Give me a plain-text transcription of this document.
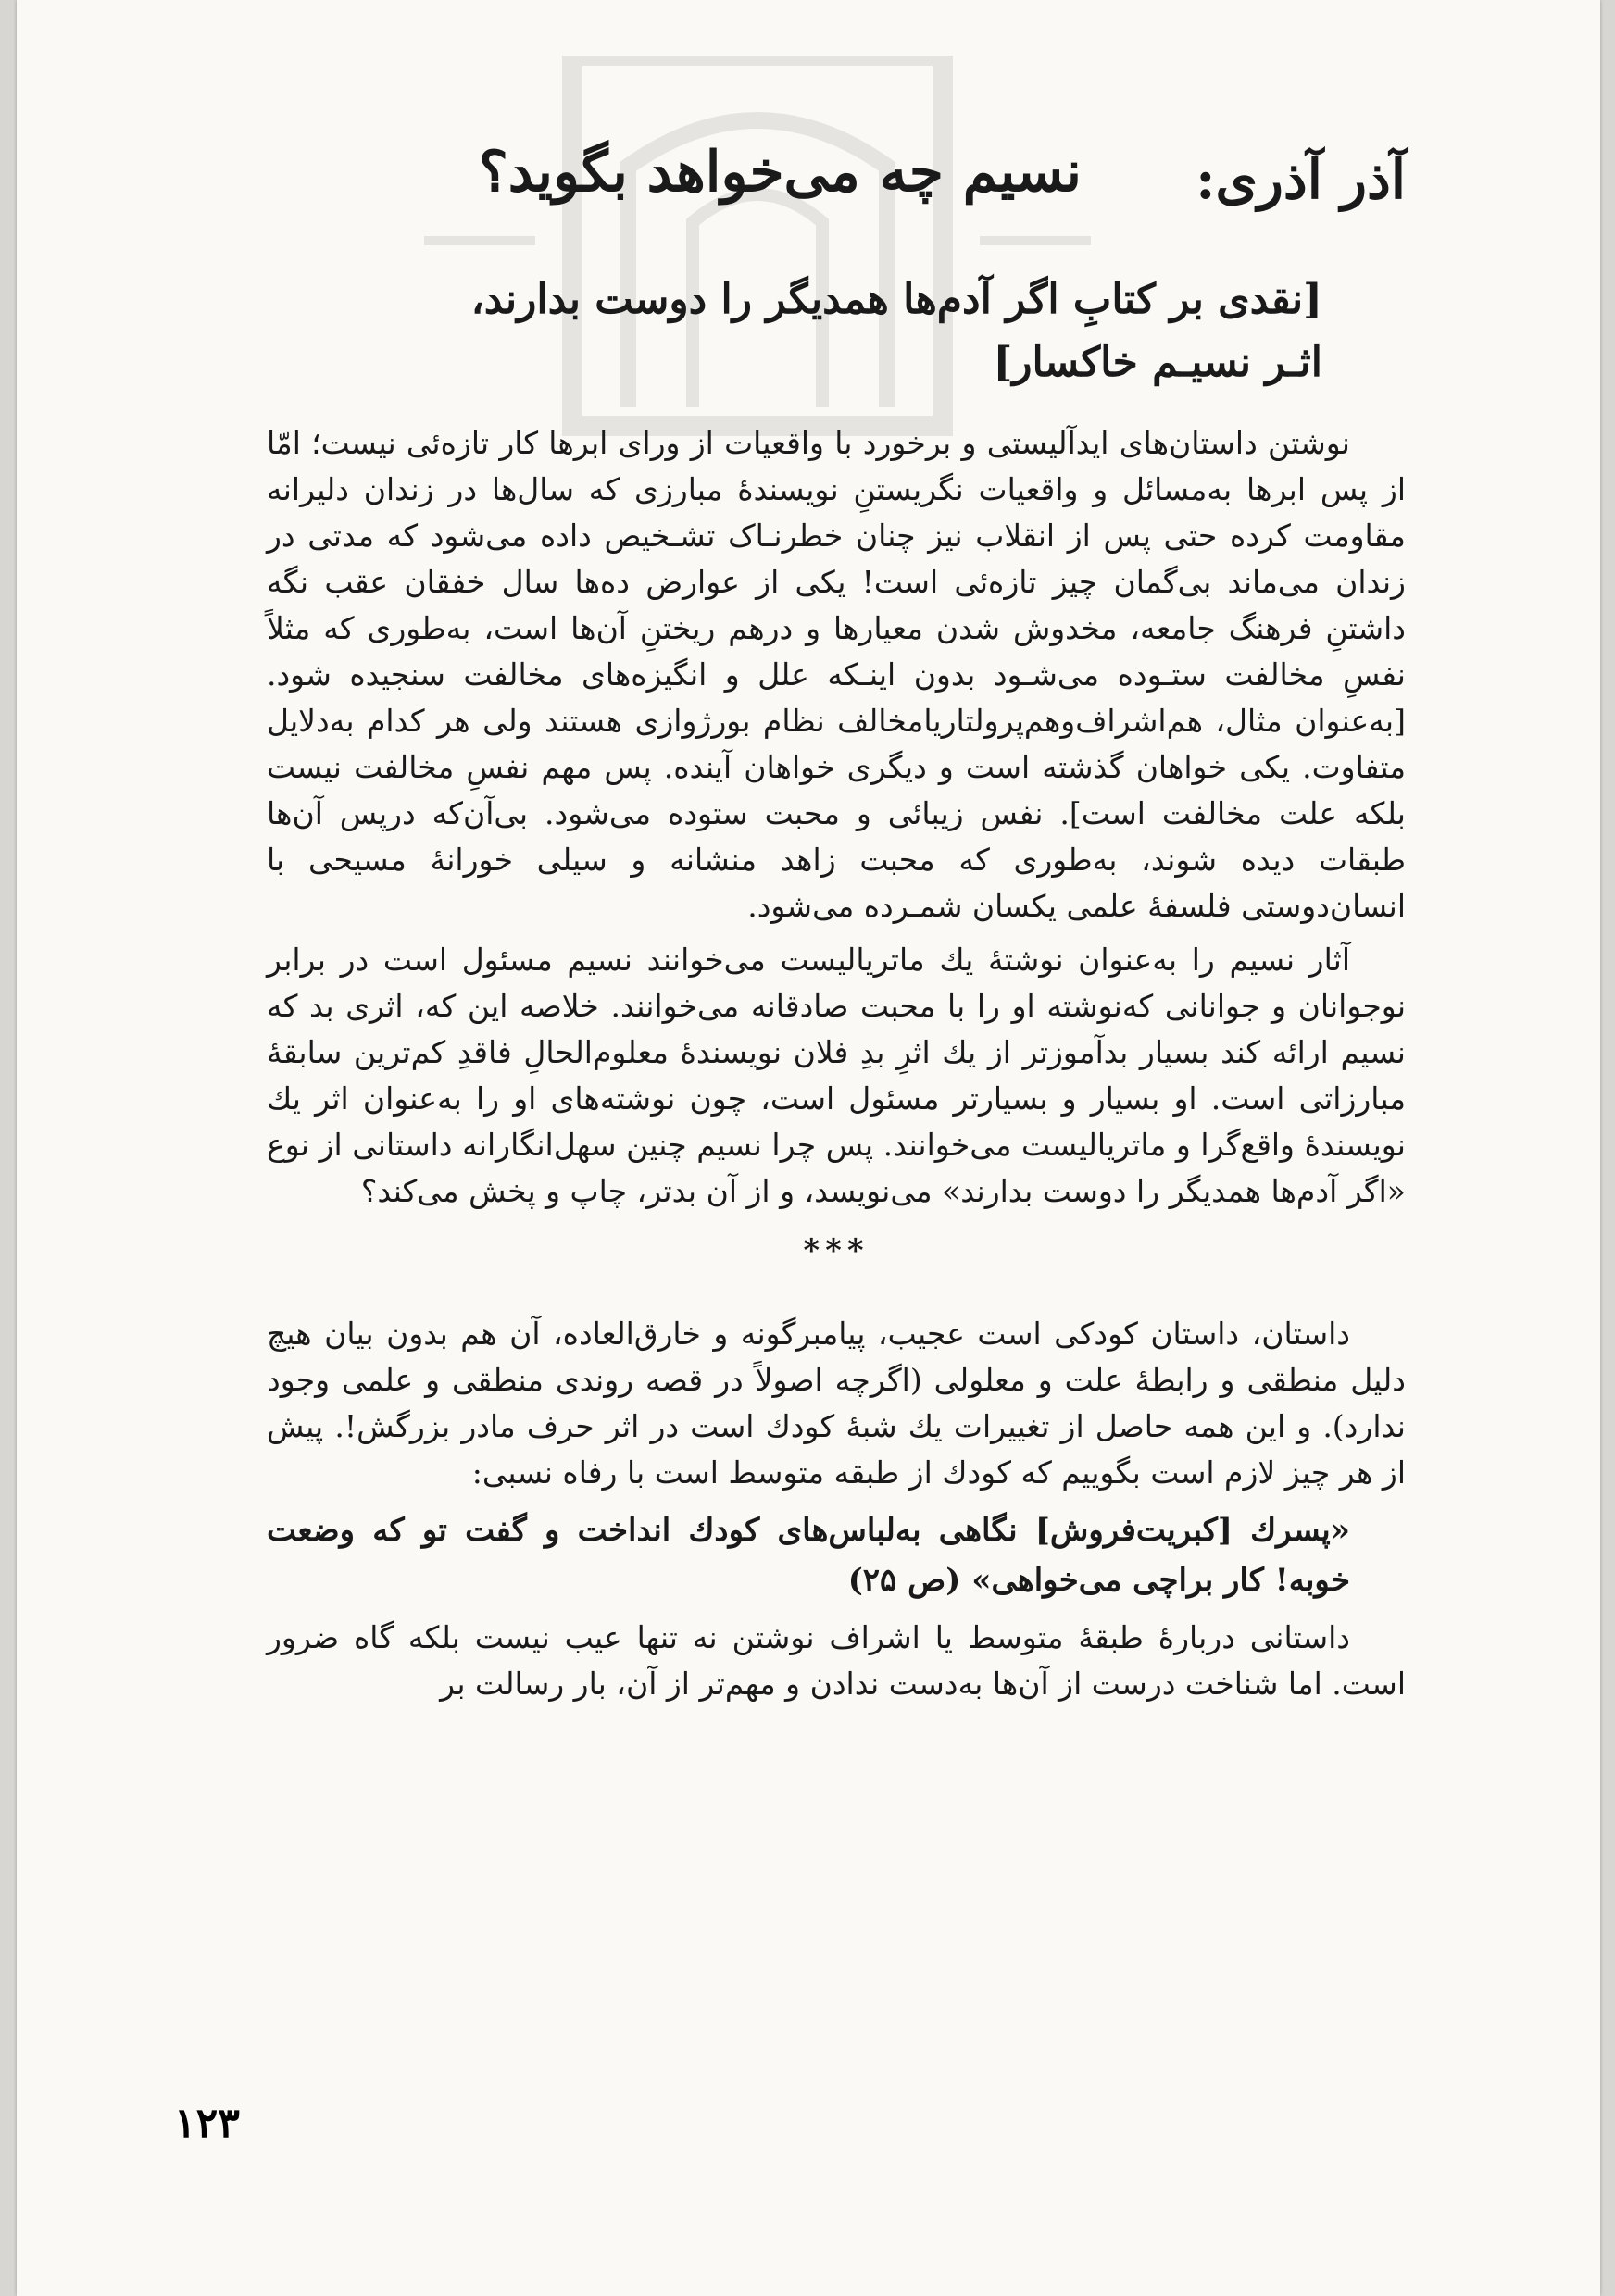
آذر آذری:
نسیم چه می‌خواهد بگوید؟

[نقدی بر کتابِ اگر آدم‌ها همدیگر را دوست بدارند،

اثـر نسیـم خاکسار]

نوشتن داستان‌های ایدآلیستی و برخورد با واقعیات از ورای ابرها کار تازه‌ئی نیست؛ امّا از پس ابرها به‌مسائل و واقعیات نگریستنِ نویسندهٔ مبارزی که سال‌ها در زندان دلیرانه مقاومت کرده حتی پس از انقلاب نیز چنان خطرنـاک تشـخیص داده می‌شود که مدتی در زندان می‌ماند بی‌گمان چیز تازه‌ئی است! یکی از عوارض ده‌ها سال خفقان عقب نگه داشتنِ فرهنگ جامعه، مخدوش شدن معیارها و درهم ریختنِ آن‌ها است، به‌طوری که مثلاً نفسِ مخالفت ستـوده می‌شـود بدون اینـکه علل و انگیزه‌های مخالفت سنجیده شود. [به‌عنوان مثال، هم‌اشراف‌وهم‌پرولتاریامخالف نظام بورژوازی هستند ولی هر کدام به‌دلایل متفاوت. یکی خواهان گذشته است و دیگری خواهان آینده. پس مهم نفسِ مخالفت نیست بلکه علت مخالفت است]. نفس زیبائی و محبت ستوده می‌شود. بی‌آن‌که درپس آن‌ها طبقات دیده شوند، به‌طوری که محبت زاهد منشانه و سیلی خورانهٔ مسیحی با انسان‌دوستی فلسفهٔ علمی یکسان شمـرده می‌شود.

آثار نسیم را به‌عنوان نوشتهٔ یك ماتریالیست می‌خوانند نسیم مسئول است در برابر نوجوانان و جوانانی که‌نوشته او را با محبت صادقانه می‌خوانند. خلاصه این که، اثری بد که نسیم ارائه کند بسیار بدآموزتر از یك اثرِ بدِ فلان نویسندهٔ معلوم‌الحالِ فاقدِ کم‌ترین سابقهٔ مبارزاتی است. او بسیار و بسیارتر مسئول است، چون نوشته‌های او را به‌عنوان اثر یك نویسندهٔ واقع‌گرا و ماتریالیست می‌خوانند. پس چرا نسیم چنین سهل‌انگارانه داستانی از نوع «اگر آدم‌ها همدیگر را دوست بدارند» می‌نویسد، و از آن بدتر، چاپ و پخش می‌کند؟

***

داستان، داستان کودکی است عجیب، پیامبرگونه و خارق‌العاده، آن هم بدون بیان هیچ دلیل منطقی و رابطهٔ علت و معلولی (اگرچه اصولاً در قصه روندی منطقی و علمی وجود ندارد). و این همه حاصل از تغییرات یك شبهٔ کودك است در اثر حرف مادر بزرگش!. پیش از هر چیز لازم است بگوییم که کودك از طبقه متوسط است با رفاه نسبی:

«پسرك [کبریت‌فروش] نگاهی به‌لباس‌های کودك انداخت و گفت تو که وضعت خوبه! کار براچی می‌خواهی» (ص ۲۵)

داستانی دربارهٔ طبقهٔ متوسط یا اشراف نوشتن نه تنها عیب نیست بلکه گاه ضرور است. اما شناخت درست از آن‌ها به‌دست ندادن و مهم‌تر از آن، بار رسالت بر

۱۲۳
